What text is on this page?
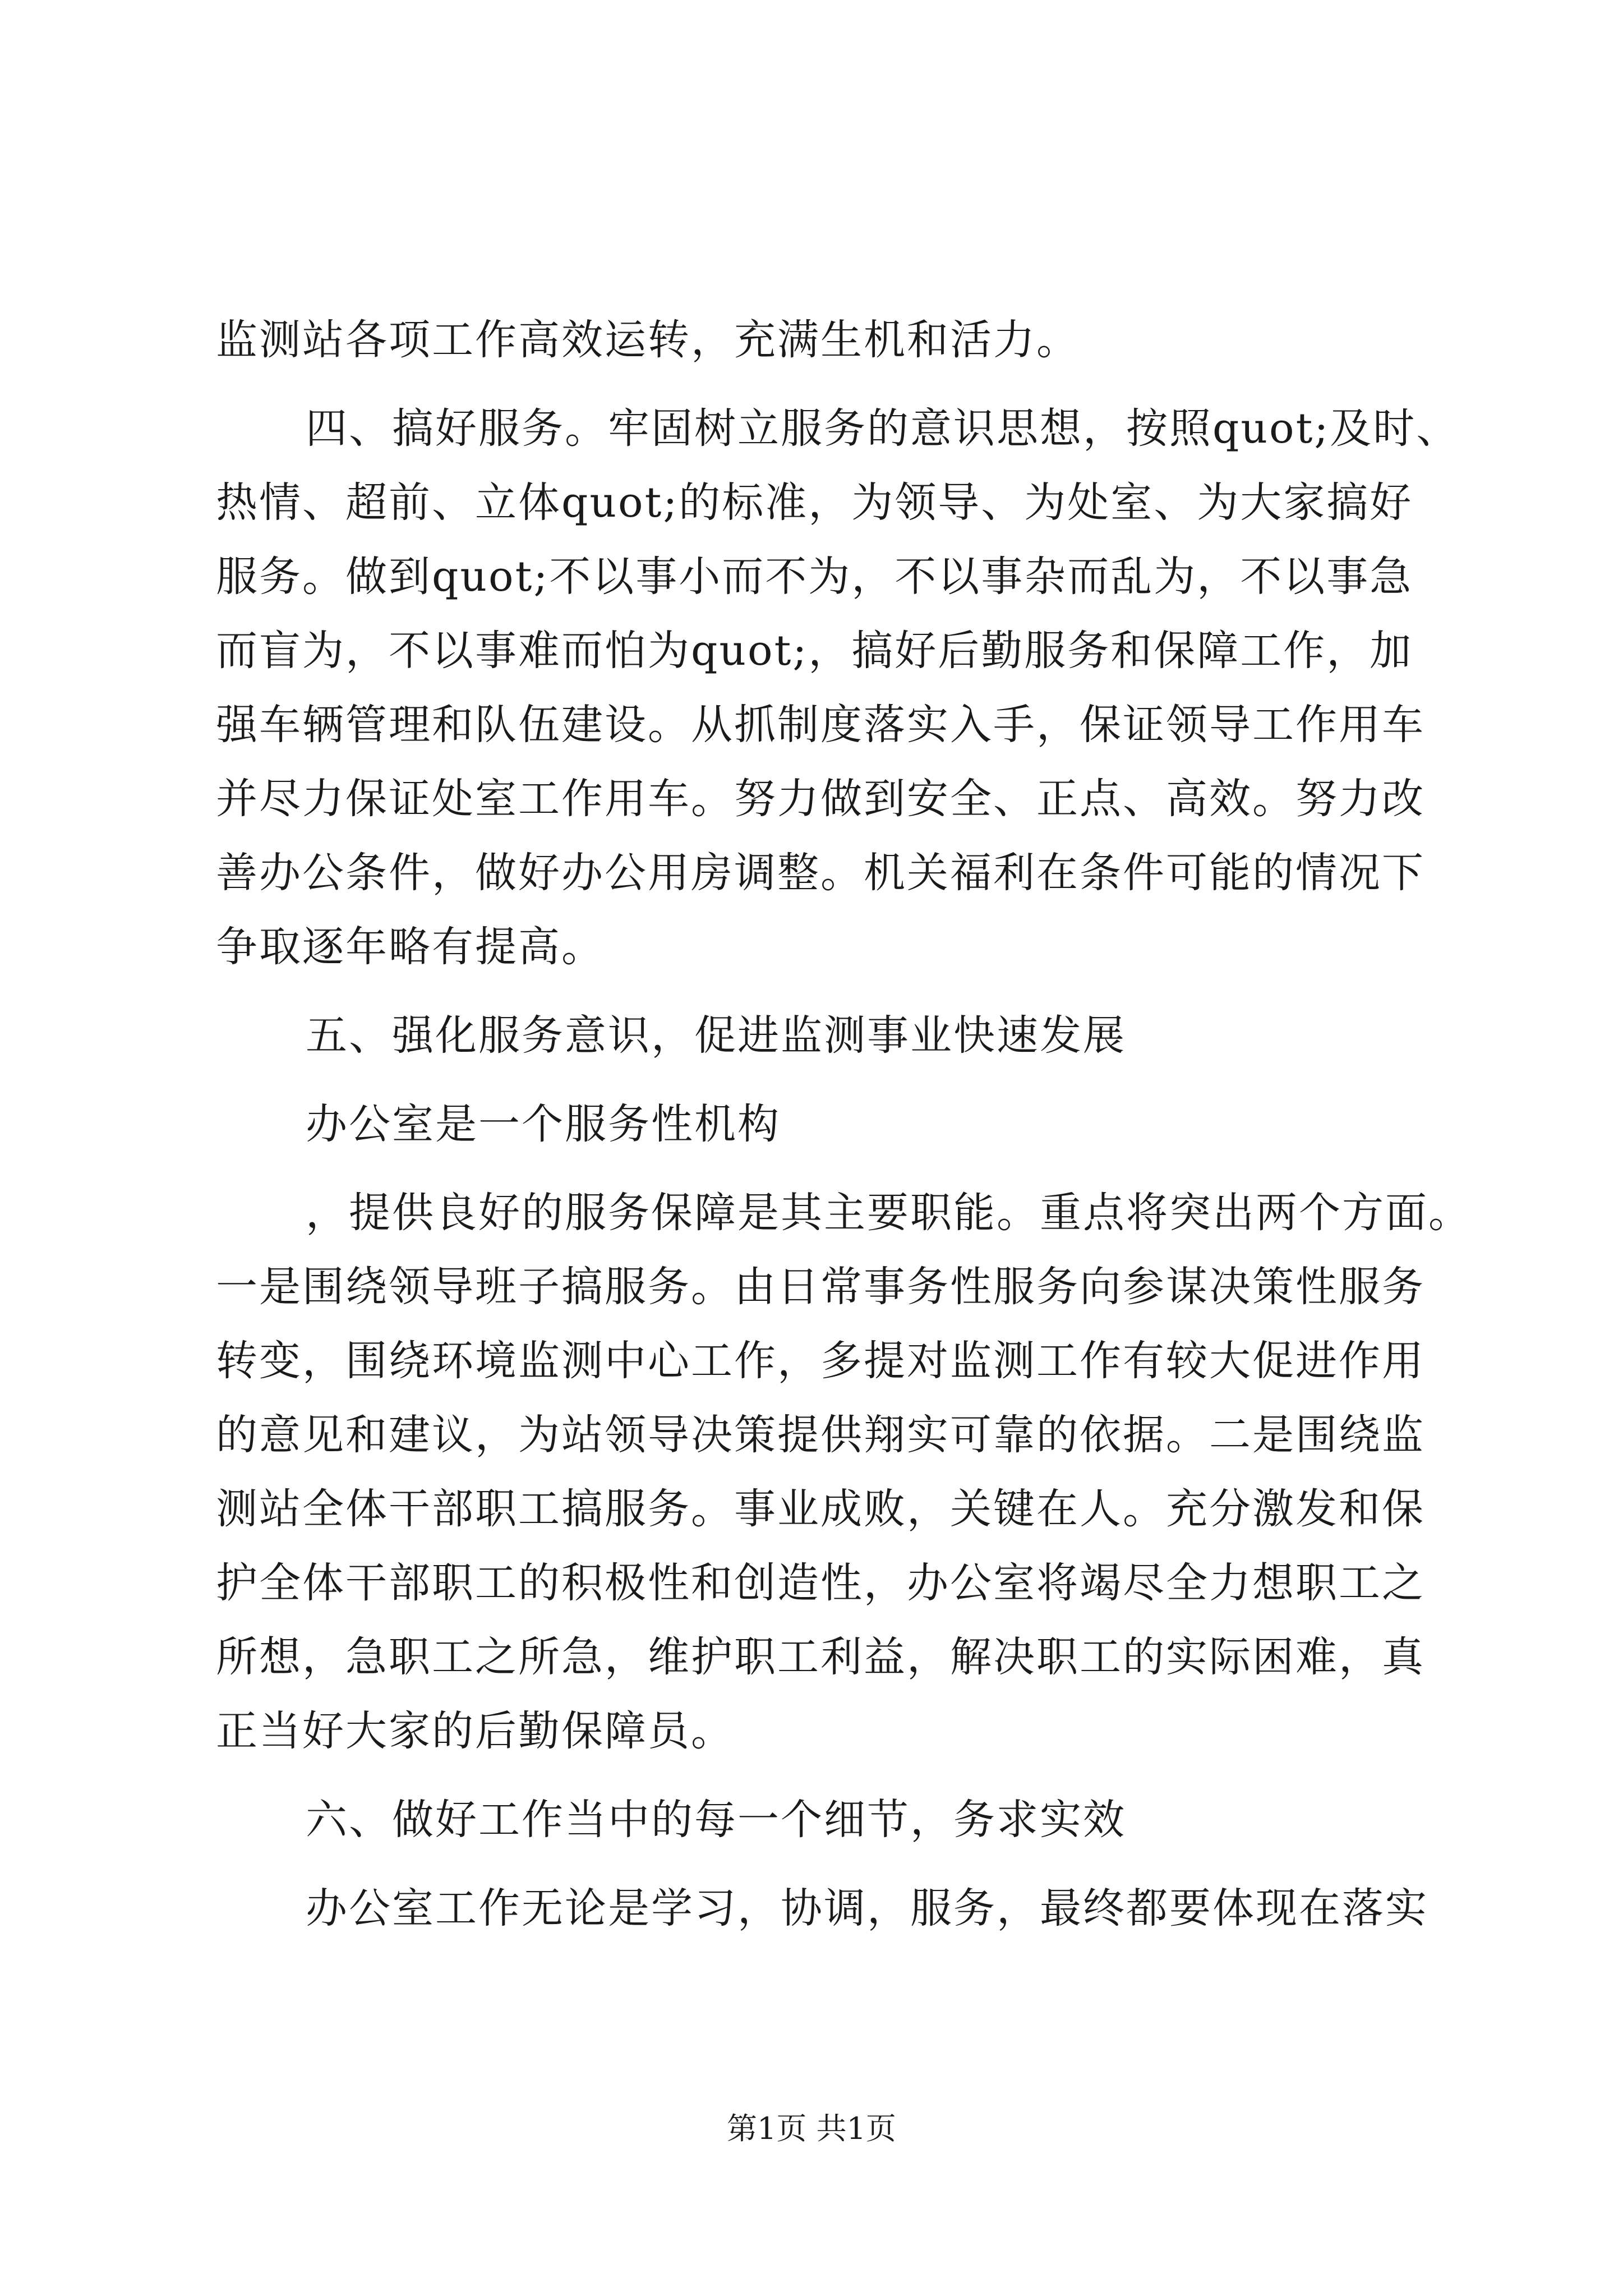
监测站各项工作高效运转，充满生机和活力。
四、搞好服务。牢固树立服务的意识思想，按照quot;及时、
热情、超前、立体quot;的标准，为领导、为处室、为大家搞好
服务。做到quot;不以事小而不为，不以事杂而乱为，不以事急
而盲为，不以事难而怕为quot;，搞好后勤服务和保障工作，加
强车辆管理和队伍建设。从抓制度落实入手，保证领导工作用车
并尽力保证处室工作用车。努力做到安全、正点、高效。努力改
善办公条件，做好办公用房调整。机关福利在条件可能的情况下
争取逐年略有提高。
五、强化服务意识，促进监测事业快速发展
办公室是一个服务性机构
，提供良好的服务保障是其主要职能。重点将突出两个方面。
一是围绕领导班子搞服务。由日常事务性服务向参谋决策性服务
转变，围绕环境监测中心工作，多提对监测工作有较大促进作用
的意见和建议，为站领导决策提供翔实可靠的依据。二是围绕监
测站全体干部职工搞服务。事业成败，关键在人。充分激发和保
护全体干部职工的积极性和创造性，办公室将竭尽全力想职工之
所想，急职工之所急，维护职工利益，解决职工的实际困难，真
正当好大家的后勤保障员。
六、做好工作当中的每一个细节，务求实效
办公室工作无论是学习，协调，服务，最终都要体现在落实
第1页 共1页
